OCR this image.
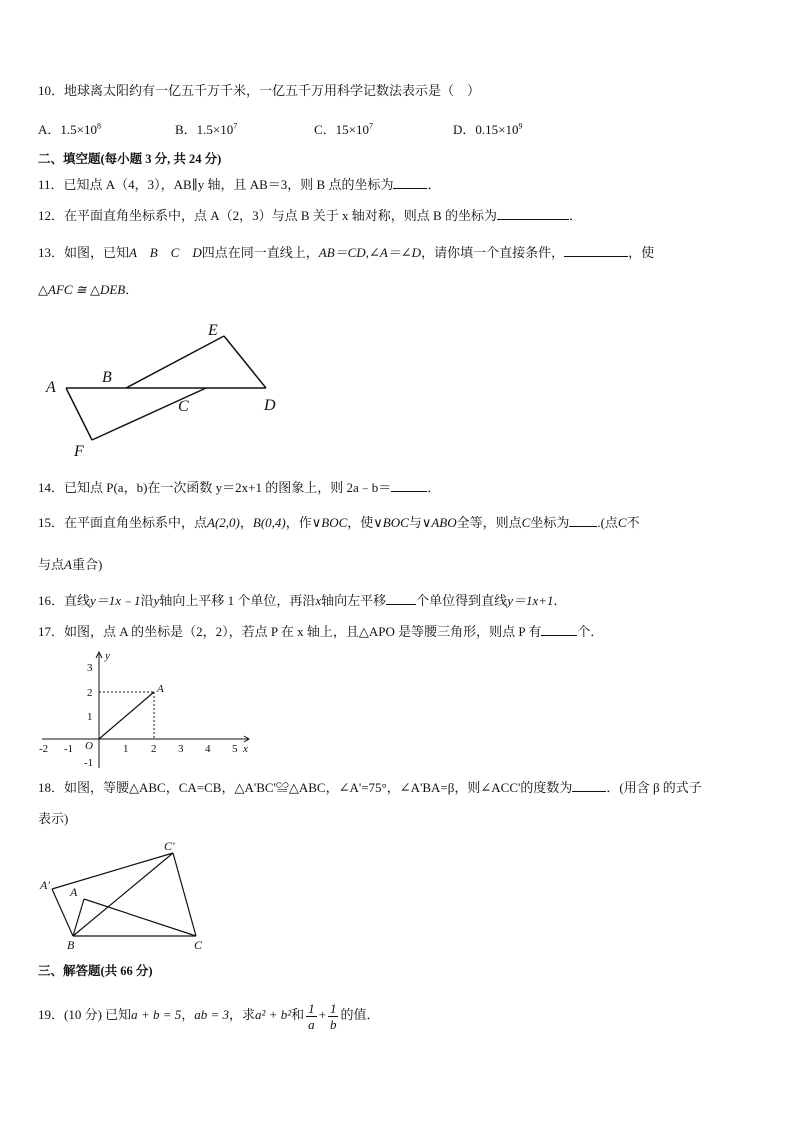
10．地球离太阳约有一亿五千万千米，一亿五千万用科学记数法表示是（　）
A．$1.5\times 10^8$	B．$1.5\times 10^7$	C．$15\times 10^7$	D．$0.15\times 10^9$
二、填空题(每小题 3 分, 共 24 分)
11．已知点 A（4，3），AB∥y 轴，且 AB＝3，则 B 点的坐标为	．
12．在平面直角坐标系中，点 A（2，3）与点 B 关于 x 轴对称，则点 B 的坐标为	．
13．如图，已知A　B　C　D四点在同一直线上，AB＝CD,∠A＝∠D，请你填一个直接条件，	，使
△AFC ≅ △DEB．
E
A
B
C	D
F
14．已知点 P(a，b)在一次函数 y＝2x+1 的图象上，则 2a﹣b＝	．
15．在平面直角坐标系中，点A(2,0)，B(0,4)，作∨BOC，使∨BOC与∨ABO全等，则点C坐标为 .(点C不
与点A重合)
16．直线y＝1x﹣1沿y轴向上平移 1 个单位，再沿x轴向左平移 个单位得到直线y＝1x+1．
17．如图，点 A 的坐标是（2，2），若点 P 在 x 轴上，且△APO 是等腰三角形，则点 P 有	个．
-2 -1	1 2 3 4 5
3
2
1
-1
O	x
y
A
18．如图，等腰△ABC，CA=CB，△A'BC'≌△ABC，∠A'=75°，∠A'BA=β，则∠ACC'的度数为	．(用含 β 的式子
表示)
C'
A' A
B	C
三、解答题(共 66 分)
19．(10 分) 已知a + b = 5，ab = 3，求a² + b²和 $\frac{1}{a} + \frac{1}{b}$ 的值．
